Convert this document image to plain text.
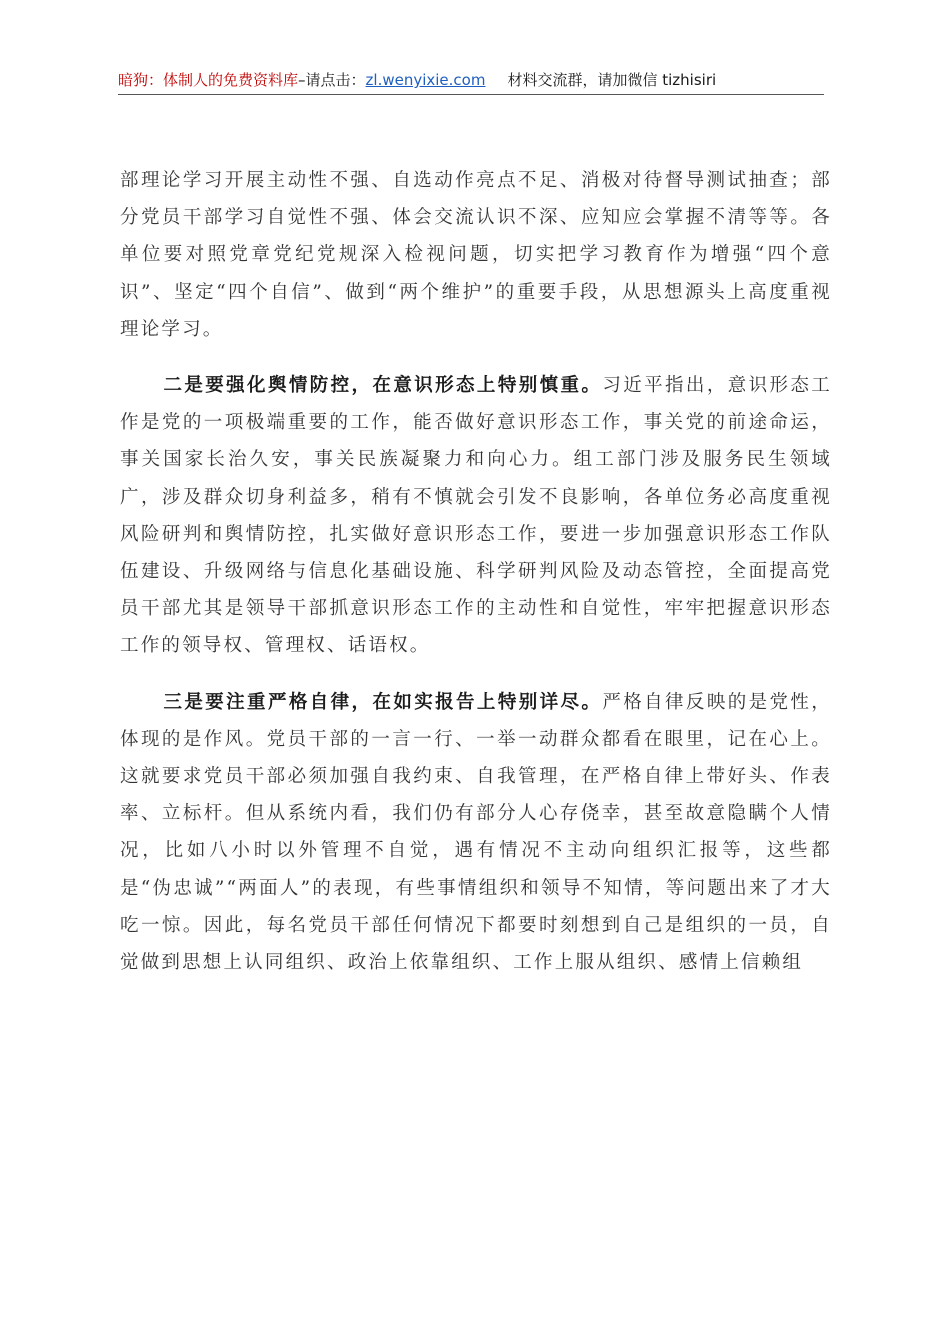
暗狗：体制人的免费资料库–请点击：zl.wenyixie.com 材料交流群，请加微信 tizhisiri

部理论学习开展主动性不强、自选动作亮点不足、消极对待督导测试抽查；部分党员干部学习自觉性不强、体会交流认识不深、应知应会掌握不清等等。各单位要对照党章党纪党规深入检视问题，切实把学习教育作为增强“四个意识”、坚定“四个自信”、做到“两个维护”的重要手段，从思想源头上高度重视理论学习。

二是要强化舆情防控，在意识形态上特别慎重。习近平指出，意识形态工作是党的一项极端重要的工作，能否做好意识形态工作，事关党的前途命运，事关国家长治久安，事关民族凝聚力和向心力。组工部门涉及服务民生领域广，涉及群众切身利益多，稍有不慎就会引发不良影响，各单位务必高度重视风险研判和舆情防控，扎实做好意识形态工作，要进一步加强意识形态工作队伍建设、升级网络与信息化基础设施、科学研判风险及动态管控，全面提高党员干部尤其是领导干部抓意识形态工作的主动性和自觉性，牢牢把握意识形态工作的领导权、管理权、话语权。

三是要注重严格自律，在如实报告上特别详尽。严格自律反映的是党性，体现的是作风。党员干部的一言一行、一举一动群众都看在眼里，记在心上。这就要求党员干部必须加强自我约束、自我管理，在严格自律上带好头、作表率、立标杆。但从系统内看，我们仍有部分人心存侥幸，甚至故意隐瞒个人情况，比如八小时以外管理不自觉，遇有情况不主动向组织汇报等，这些都是“伪忠诚”“两面人”的表现，有些事情组织和领导不知情，等问题出来了才大吃一惊。因此，每名党员干部任何情况下都要时刻想到自己是组织的一员，自觉做到思想上认同组织、政治上依靠组织、工作上服从组织、感情上信赖组
